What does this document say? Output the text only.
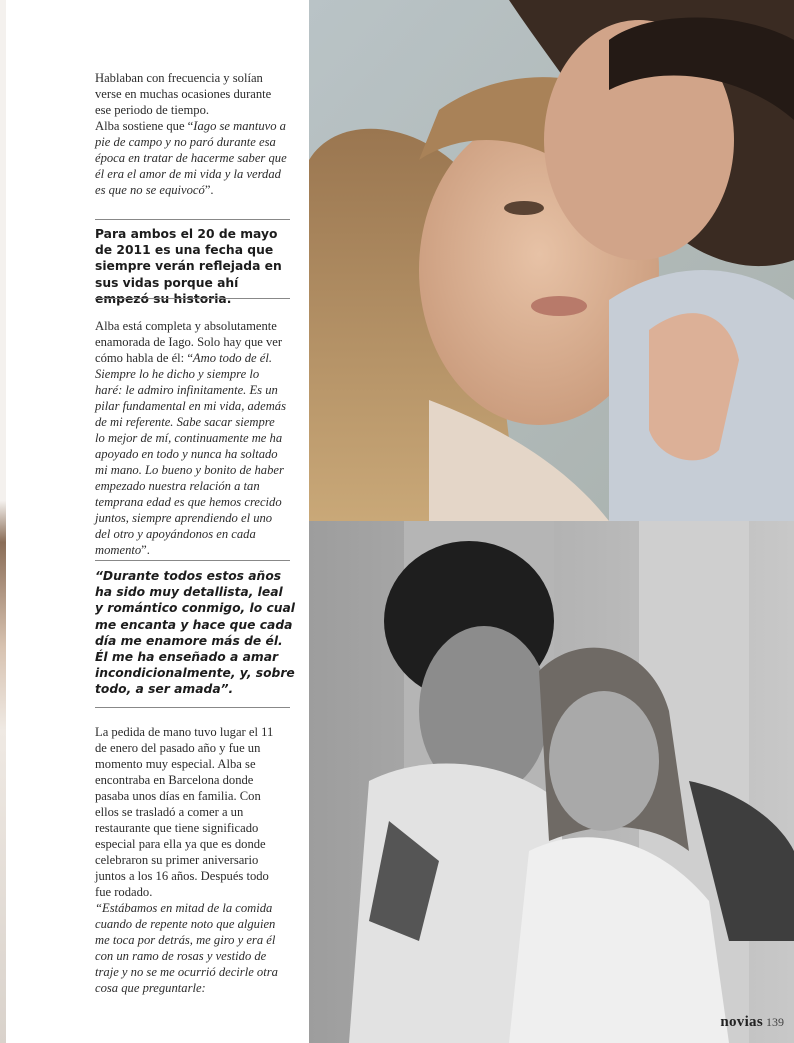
Hablaban con frecuencia y solían verse en muchas ocasiones durante ese periodo de tiempo.
Alba sostiene que “Iago se mantuvo a pie de campo y no paró durante esa época en tratar de hacerme saber que él era el amor de mi vida y la verdad es que no se equivocó”.

Para ambos el 20 de mayo de 2011 es una fecha que siempre verán reflejada en sus vidas porque ahí

Alba está completa y absolutamente enamorada de Iago. Solo hay que ver cómo habla de él: “Amo todo de él. Siempre lo he dicho y siempre lo haré: le admiro infinitamente. Es un pilar fundamental en mi vida, además de mi referente. Sabe sacar siempre lo mejor de mí, continuamente me ha apoyado en todo y nunca ha soltado mi mano. Lo bueno y bonito de haber empezado nuestra relación a tan temprana edad es que hemos crecido juntos, siempre aprendiendo el uno del otro y apoyándonos en cada momento”.

“Durante todos estos años ha sido muy detallista, leal y romántico conmigo, lo cual me encanta y hace que cada día me enamore más de él. Él me ha enseñado a amar incondicionalmente, y, sobre todo, a ser amada”.

La pedida de mano tuvo lugar el 11 de enero del pasado año y fue un momento muy especial. Alba se encontraba en Barcelona donde pasaba unos días en familia. Con ellos se trasladó a comer a un restaurante que tiene significado especial para ella ya que es donde celebraron su primer aniversario juntos a los 16 años. Después todo fue rodado.
“Estábamos en mitad de la comida cuando de repente noto que alguien me toca por detrás, me giro y era él con un ramo de rosas y vestido de traje y no se me ocurrió decirle otra cosa que preguntarle:

novias 139
